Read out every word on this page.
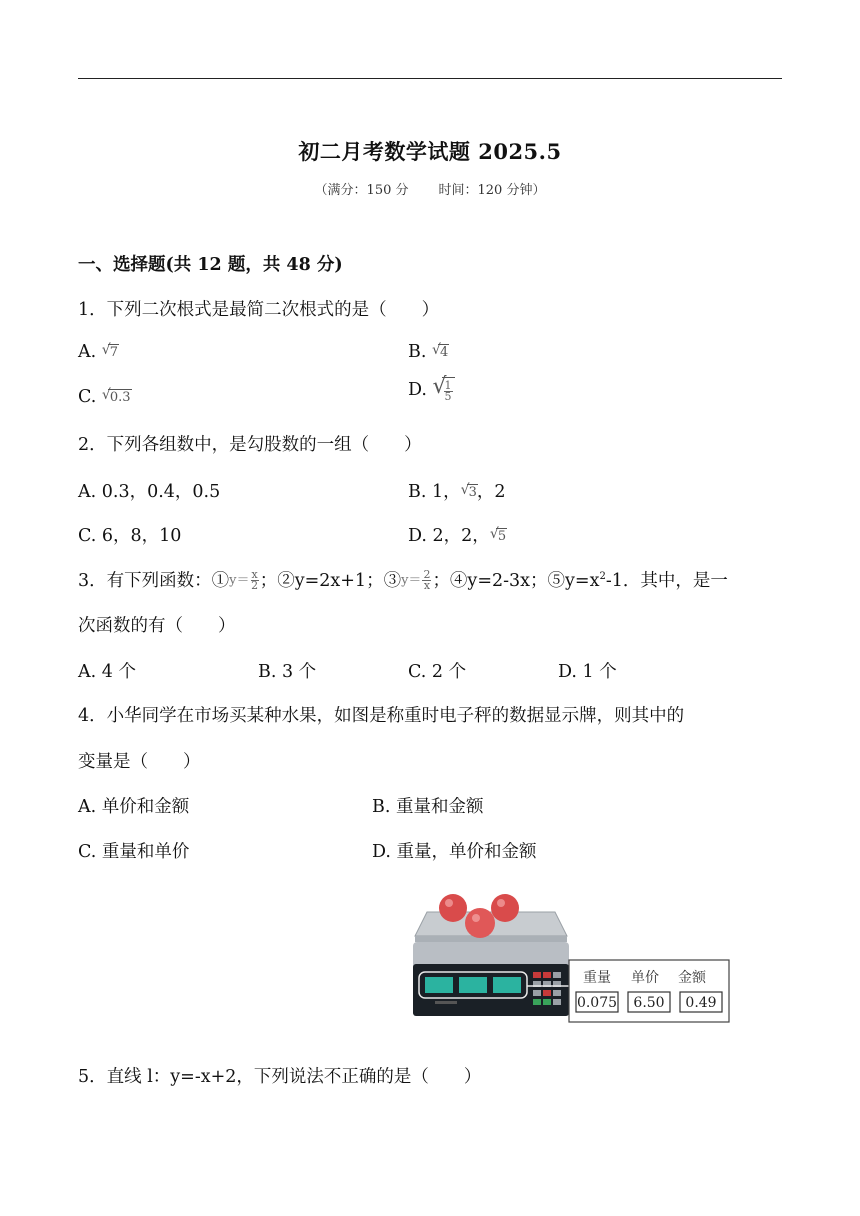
初二月考数学试题 2025.5
（满分：150 分 时间：120 分钟）
一、选择题(共 12 题，共 48 分)
1．下列二次根式是最简二次根式的是（　　）
A. √ 7	B. √ 4
C. √ 0.3	D. √
$\frac{1}{5}$
2．下列各组数中，是勾股数的一组（　　）
A. 0.3，0.4，0.5	B. 1， √ 3，2
C. 6，8，10	D. 2，2， √ 5
3．有下列函数：①y＝ $\frac{x}{2}$ ；②y=2x+1；③y＝ $\frac{2}{x}$ ；④y=2-3x；$⑤y=x^2-1$．其中，是一
次函数的有（　　）
A. 4 个	B. 3 个	C. 2 个	D. 1 个
4．小华同学在市场买某种水果，如图是称重时电子秤的数据显示牌，则其中的
变量是（　　）
A. 单价和金额	B. 重量和金额
C. 重量和单价	D. 重量，单价和金额
重量 单价 金额
0.075 6.50 0.49
5．直线 l：y=-x+2，下列说法不正确的是（　　）
